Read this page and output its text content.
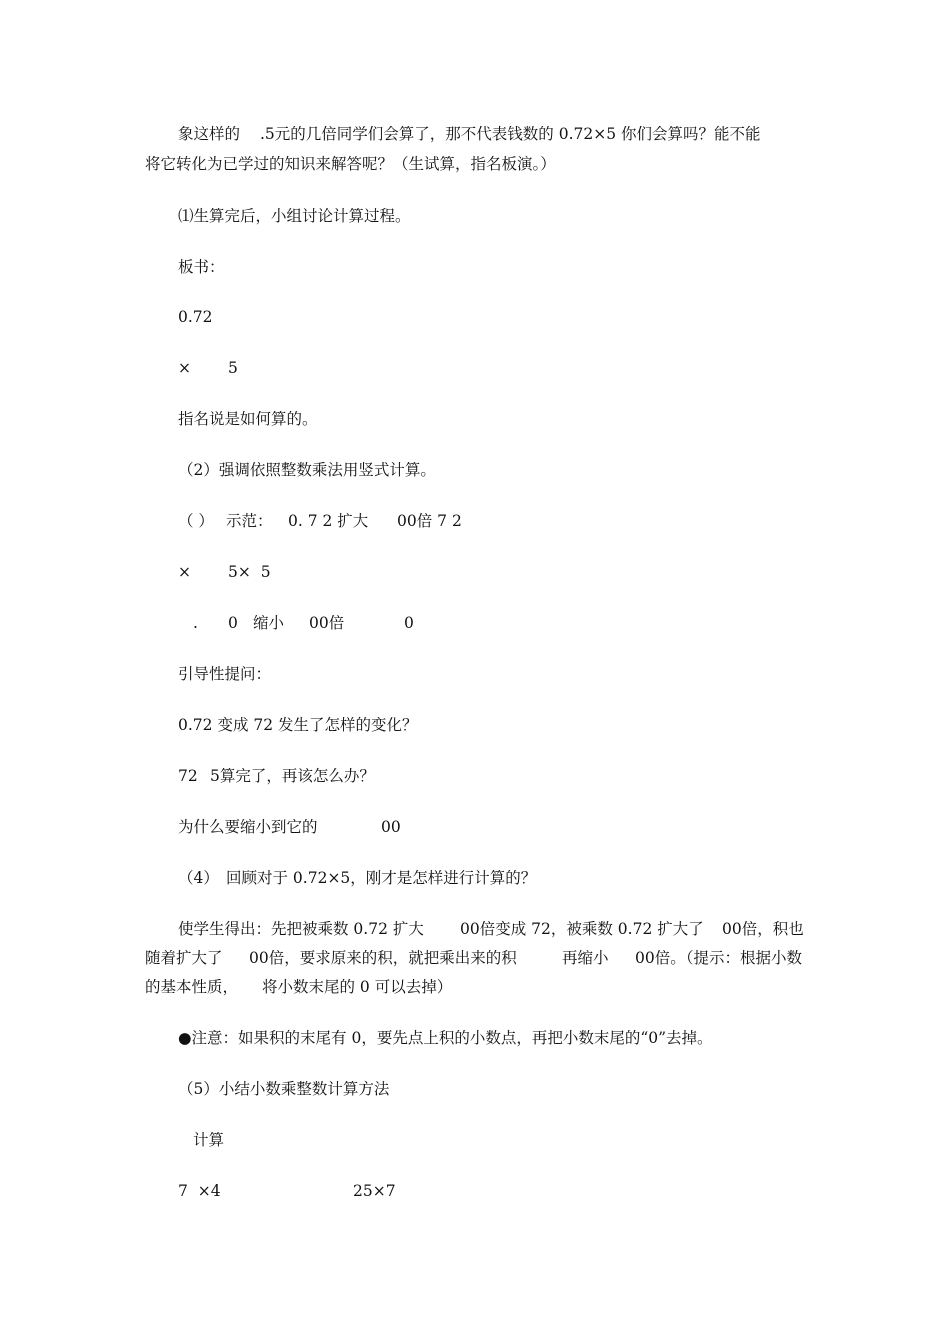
象这样的

.5元的几倍同学们会算了，那不代表钱数的 0.72×5 你们会算吗？能不能

将它转化为已学过的知识来解答呢？（生试算，指名板演。）

⑴生算完后，小组讨论计算过程。

板书：

0.72

×

5

指名说是如何算的。

（2）强调依照整数乘法用竖式计算。

（ ）

示范：

0. 7 2 扩大

00倍 7 2

×

5×  5

.

0

缩小

00倍

	0

引导性提问：

0.72 变成 72 发生了怎样的变化？

72

5算完了，再该怎么办？

为什么要缩小到它的

	00

（4）

回顾对于 0.72×5，刚才是怎样进行计算的？

使学生得出：先把被乘数 0.72 扩大

00倍变成 72，被乘数 0.72 扩大了

00倍，积也

随着扩大了

00倍，要求原来的积，就把乘出来的积

	再缩小

00倍。（提示：根据小数

的基本性质，

将小数末尾的 0 可以去掉）

●注意：如果积的末尾有 0，要先点上积的小数点，再把小数末尾的“0”去掉。

（5）小结小数乘整数计算方法

计算

7  ×4

	25×7
